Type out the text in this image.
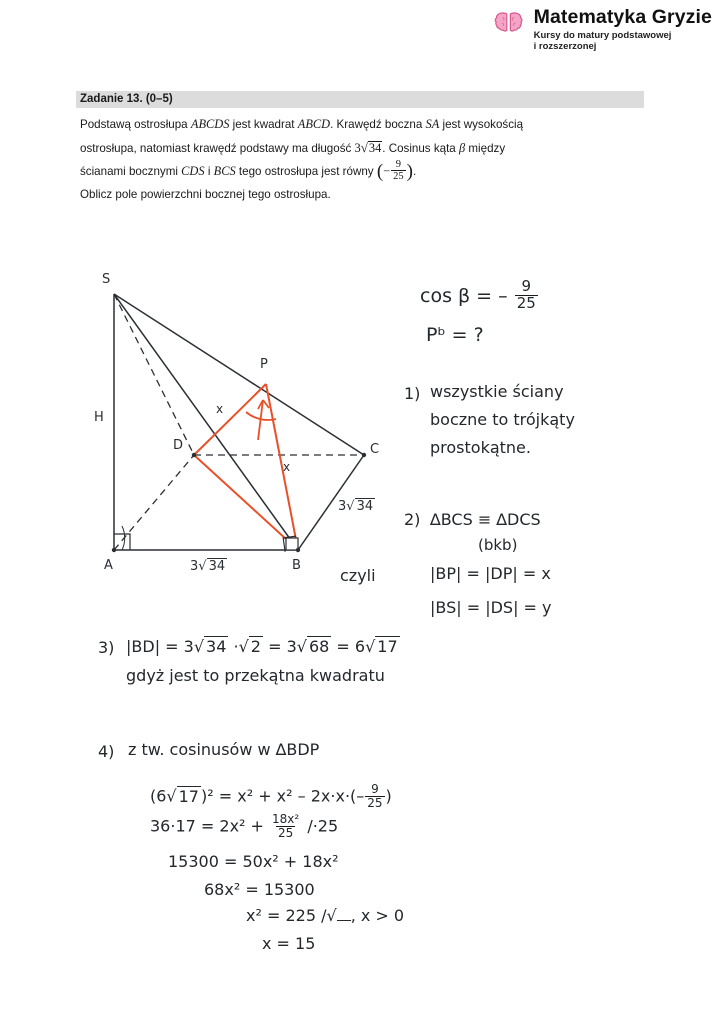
Matematyka Gryzie
Kursy do matury podstawowej
i rozszerzonej
Zadanie 13. (0–5)
Podstawą ostrosłupa ABCDS jest kwadrat ABCD. Krawędź boczna SA jest wysokością
ostrosłupa, natomiast krawędź podstawy ma długość 3√34. Cosinus kąta β między
ścianami bocznymi CDS i BCS tego ostrosłupa jest równy (− $\frac{9}{25}$ ).
Oblicz pole powierzchni bocznej tego ostrosłupa.
S
P
D	C
A	B
H
x
x
3√ 34
3√ 34
cos β = – $\frac{9}{25}$
Pᵇ = ?
1) wszystkie ściany
boczne to trójkąty
prostokątne.
2) ∆BCS ≡ ∆DCS
(bkb)
|BP| = |DP| = x
|BS| = |DS| = y
czyli
3) |BD| = 3√ 34 ·√ 2 = 3√ 68 = 6√ 17
gdyż jest to przekątna kwadratu
4) z tw. cosinusów w ∆BDP
(6√ 17 )$^2 = x^2 + x^2 - 2x\cdot x\cdot(- \frac{9}{25}$ )
$36\cdot 17 = 2x^2 + \frac{\text{18x²}}{25} /\cdot 25$
15300 = 50x² + 18x²
68x² = 15300
x² = 225 /√ , x > 0
x = 15
